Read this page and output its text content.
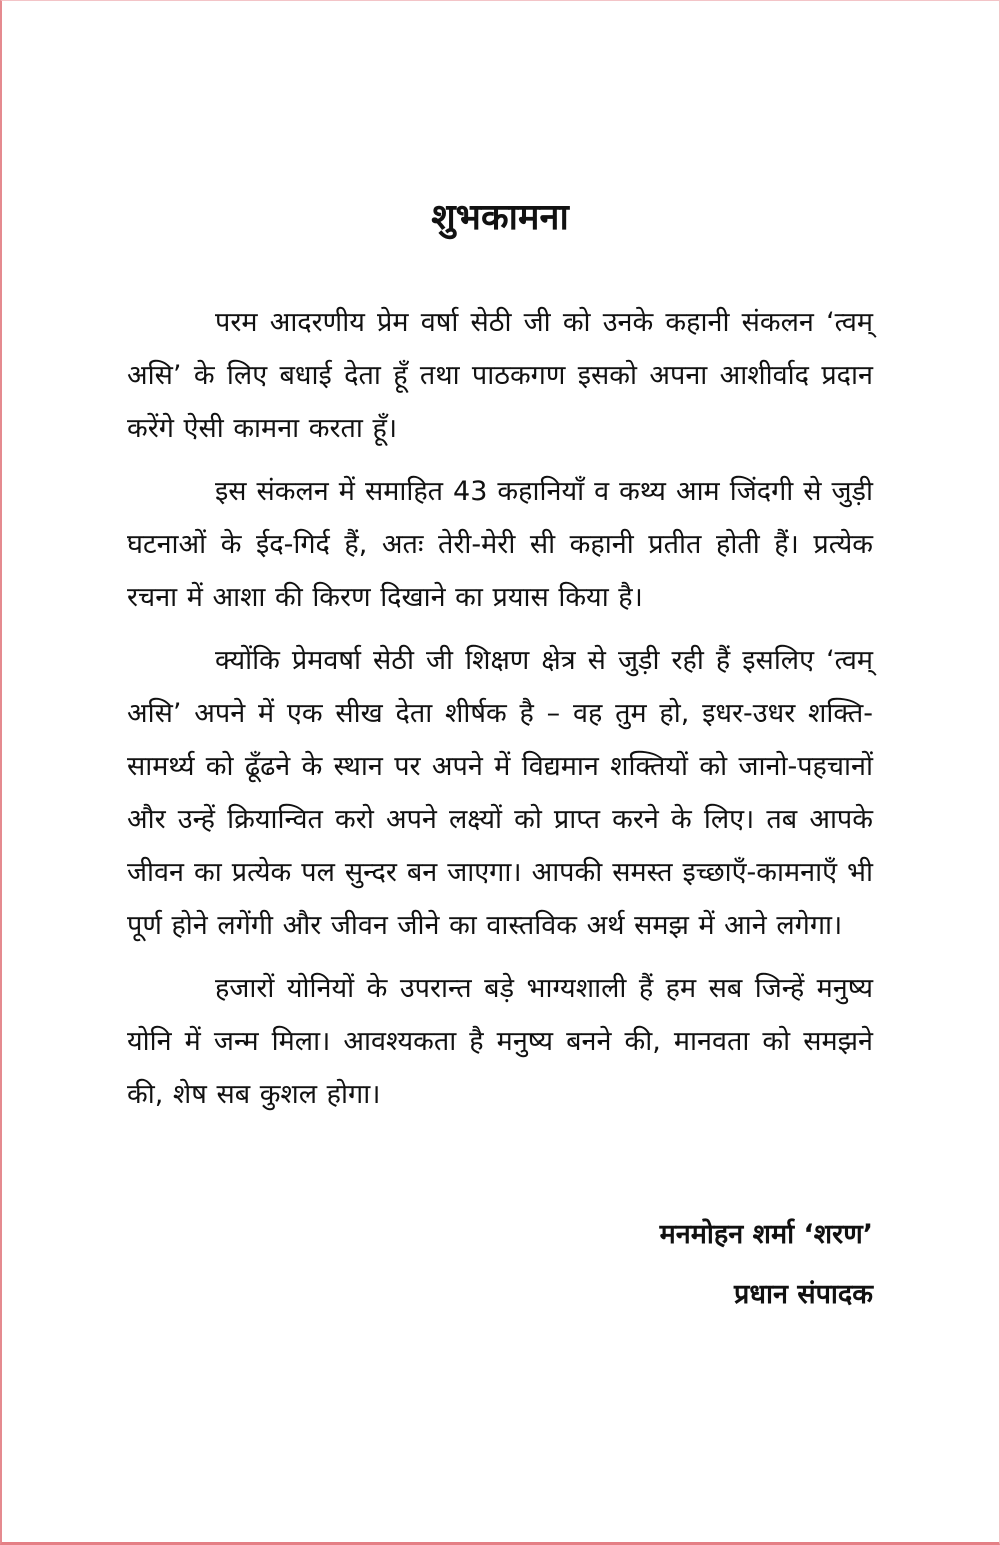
शुभकामना

परम आदरणीय प्रेम वर्षा सेठी जी को उनके कहानी संकलन ‘त्वम् असि’ के लिए बधाई देता हूँ तथा पाठकगण इसको अपना आशीर्वाद प्रदान करेंगे ऐसी कामना करता हूँ।

इस संकलन में समाहित 43 कहानियाँ व कथ्य आम जिंदगी से जुड़ी घटनाओं के ईद-गिर्द हैं, अतः तेरी-मेरी सी कहानी प्रतीत होती हैं। प्रत्येक रचना में आशा की किरण दिखाने का प्रयास किया है।

क्योंकि प्रेमवर्षा सेठी जी शिक्षण क्षेत्र से जुड़ी रही हैं इसलिए ‘त्वम् असि’ अपने में एक सीख देता शीर्षक है – वह तुम हो, इधर-उधर शक्ति-सामर्थ्य को ढूँढने के स्थान पर अपने में विद्यमान शक्तियों को जानो-पहचानों और उन्हें क्रियान्वित करो अपने लक्ष्यों को प्राप्त करने के लिए। तब आपके जीवन का प्रत्येक पल सुन्दर बन जाएगा। आपकी समस्त इच्छाएँ-कामनाएँ भी पूर्ण होने लगेंगी और जीवन जीने का वास्तविक अर्थ समझ में आने लगेगा।

हजारों योनियों के उपरान्त बड़े भाग्यशाली हैं हम सब जिन्हें मनुष्य योनि में जन्म मिला। आवश्यकता है मनुष्य बनने की, मानवता को समझने की, शेष सब कुशल होगा।

मनमोहन शर्मा ‘शरण’
प्रधान संपादक
